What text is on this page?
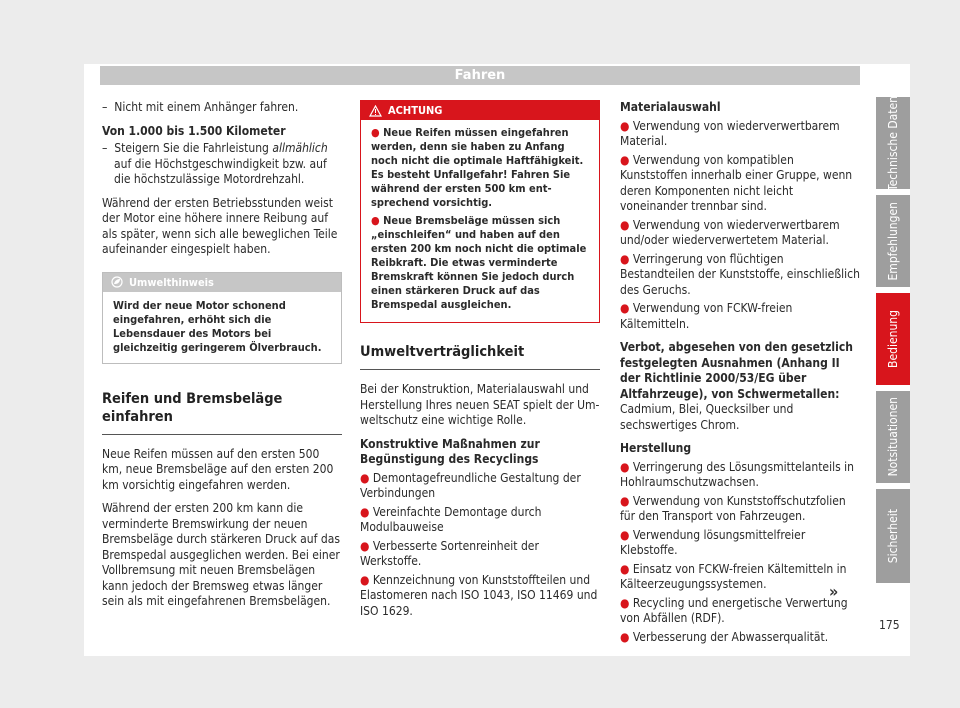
Fahren

–  Nicht mit einem Anhänger fahren.

Von 1.000 bis 1.500 Kilometer

–  Steigern Sie die Fahrleistung allmählich auf die Höchstgeschwindigkeit bzw. auf die höchstzulässige Motordrehzahl.

Während der ersten Betriebsstunden weist der Motor eine höhere innere Reibung auf als später, wenn sich alle beweglichen Teile aufeinander eingespielt haben.

Umwelthinweis
Wird der neue Motor schonend eingefahren, erhöht sich die Lebensdauer des Motors bei gleichzeitig geringerem Ölverbrauch.
Reifen und Bremsbeläge einfahren

Neue Reifen müssen auf den ersten 500 km, neue Bremsbeläge auf den ersten 200 km vorsichtig eingefahren werden.

Während der ersten 200 km kann die verminderte Bremswirkung der neuen Bremsbeläge durch stärkeren Druck auf das Bremspedal ausgeglichen werden. Bei einer Vollbremsung mit neuen Bremsbelägen kann jedoch der Bremsweg etwas länger sein als mit eingefahrenen Bremsbelägen.

ACHTUNG

● Neue Reifen müssen eingefahren werden, denn sie haben zu Anfang noch nicht die optimale Haftfähigkeit. Es besteht Unfallgefahr! Fahren Sie während der ersten 500 km entsprechend vorsichtig.

● Neue Bremsbeläge müssen sich „einschleifen“ und haben auf den ersten 200 km noch nicht die optimale Reibkraft. Die etwas verminderte Bremskraft können Sie jedoch durch einen stärkeren Druck auf das Bremspedal ausgleichen.

Umweltverträglichkeit

Bei der Konstruktion, Materialauswahl und Herstellung Ihres neuen SEAT spielt der Umweltschutz eine wichtige Rolle.

Konstruktive Maßnahmen zur Begünstigung des Recyclings

● Demontagefreundliche Gestaltung der Verbindungen

● Vereinfachte Demontage durch Modulbauweise

● Verbesserte Sortenreinheit der Werkstoffe.

● Kennzeichnung von Kunststoffteilen und Elastomeren nach ISO 1043, ISO 11469 und ISO 1629.

Materialauswahl

● Verwendung von wiederverwertbarem Material.

● Verwendung von kompatiblen Kunststoffen innerhalb einer Gruppe, wenn deren Komponenten nicht leicht voneinander trennbar sind.

● Verwendung von wiederverwertbarem und/oder wiederverwertetem Material.

● Verringerung von flüchtigen Bestandteilen der Kunststoffe, einschließlich des Geruchs.

● Verwendung von FCKW-freien Kältemitteln.

Verbot, abgesehen von den gesetzlich festgelegten Ausnahmen (Anhang II der Richtlinie 2000/53/EG über Altfahrzeuge), von Schwermetallen: Cadmium, Blei, Quecksilber und sechswertiges Chrom.

Herstellung

● Verringerung des Lösungsmittelanteils in Hohlraumschutzwachsen.

● Verwendung von Kunststoffschutzfolien für den Transport von Fahrzeugen.

● Verwendung lösungsmittelfreier Klebstoffe.

● Einsatz von FCKW-freien Kältemitteln in Kälteerzeugungssystemen.

● Recycling und energetische Verwertung von Abfällen (RDF).

● Verbesserung der Abwasserqualität.

»
Technische Daten
Empfehlungen
Bedienung
Notsituationen
Sicherheit
175
